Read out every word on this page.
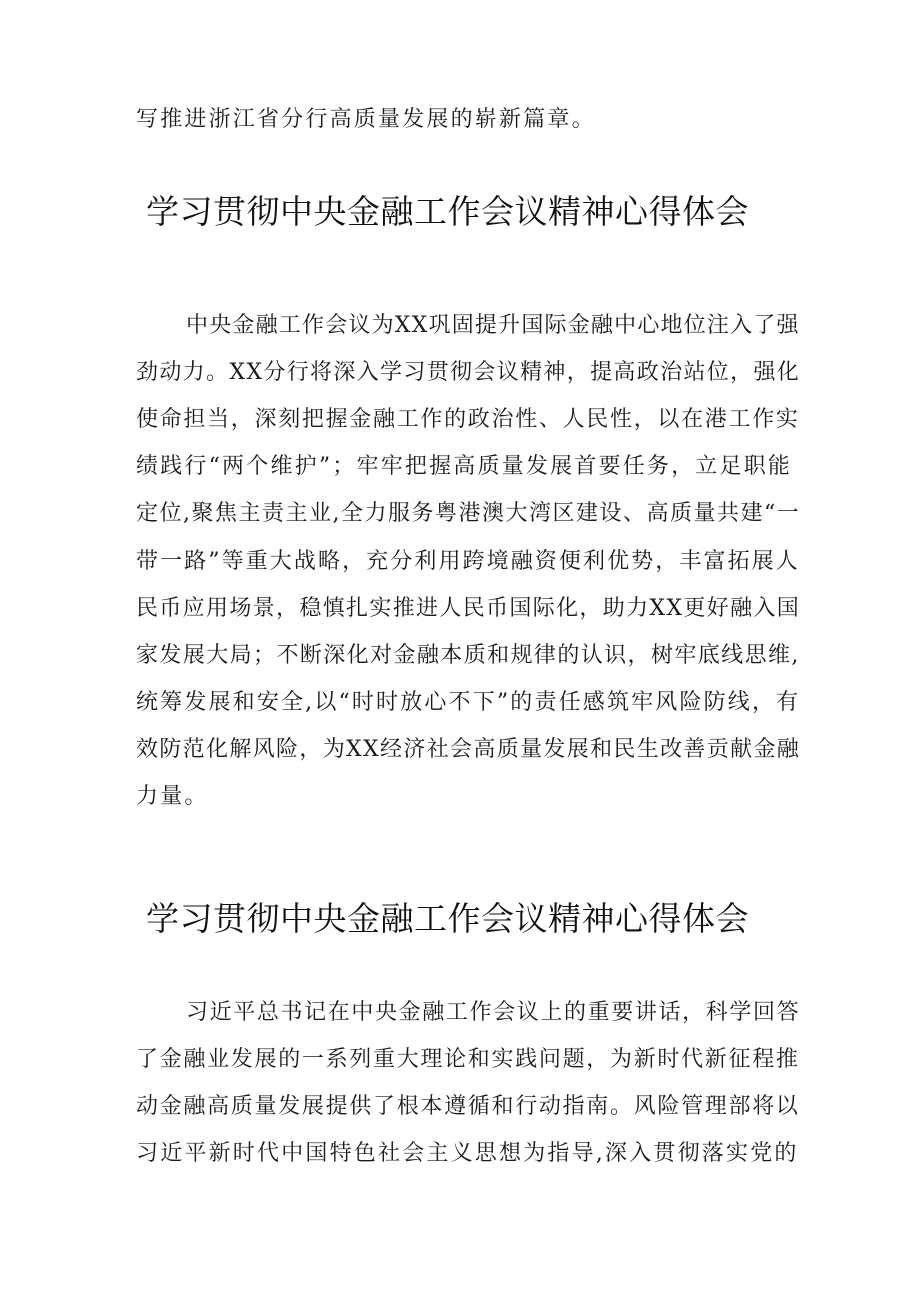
写推进浙江省分行高质量发展的崭新篇章。
学习贯彻中央金融工作会议精神心得体会
中央金融工作会议为XX巩固提升国际金融中心地位注入了强
劲动力。XX分行将深入学习贯彻会议精神，提高政治站位，强化
使命担当，深刻把握金融工作的政治性、人民性，以在港工作实
绩践行“两个维护”；牢牢把握高质量发展首要任务，立足职能
定位,聚焦主责主业,全力服务粤港澳大湾区建设、高质量共建“一
带一路”等重大战略，充分利用跨境融资便利优势，丰富拓展人
民币应用场景，稳慎扎实推进人民币国际化，助力XX更好融入国
家发展大局；不断深化对金融本质和规律的认识，树牢底线思维,
统筹发展和安全,以“时时放心不下”的责任感筑牢风险防线，有
效防范化解风险，为XX经济社会高质量发展和民生改善贡献金融
力量。
学习贯彻中央金融工作会议精神心得体会
习近平总书记在中央金融工作会议上的重要讲话，科学回答
了金融业发展的一系列重大理论和实践问题，为新时代新征程推
动金融高质量发展提供了根本遵循和行动指南。风险管理部将以
习近平新时代中国特色社会主义思想为指导,深入贯彻落实党的
